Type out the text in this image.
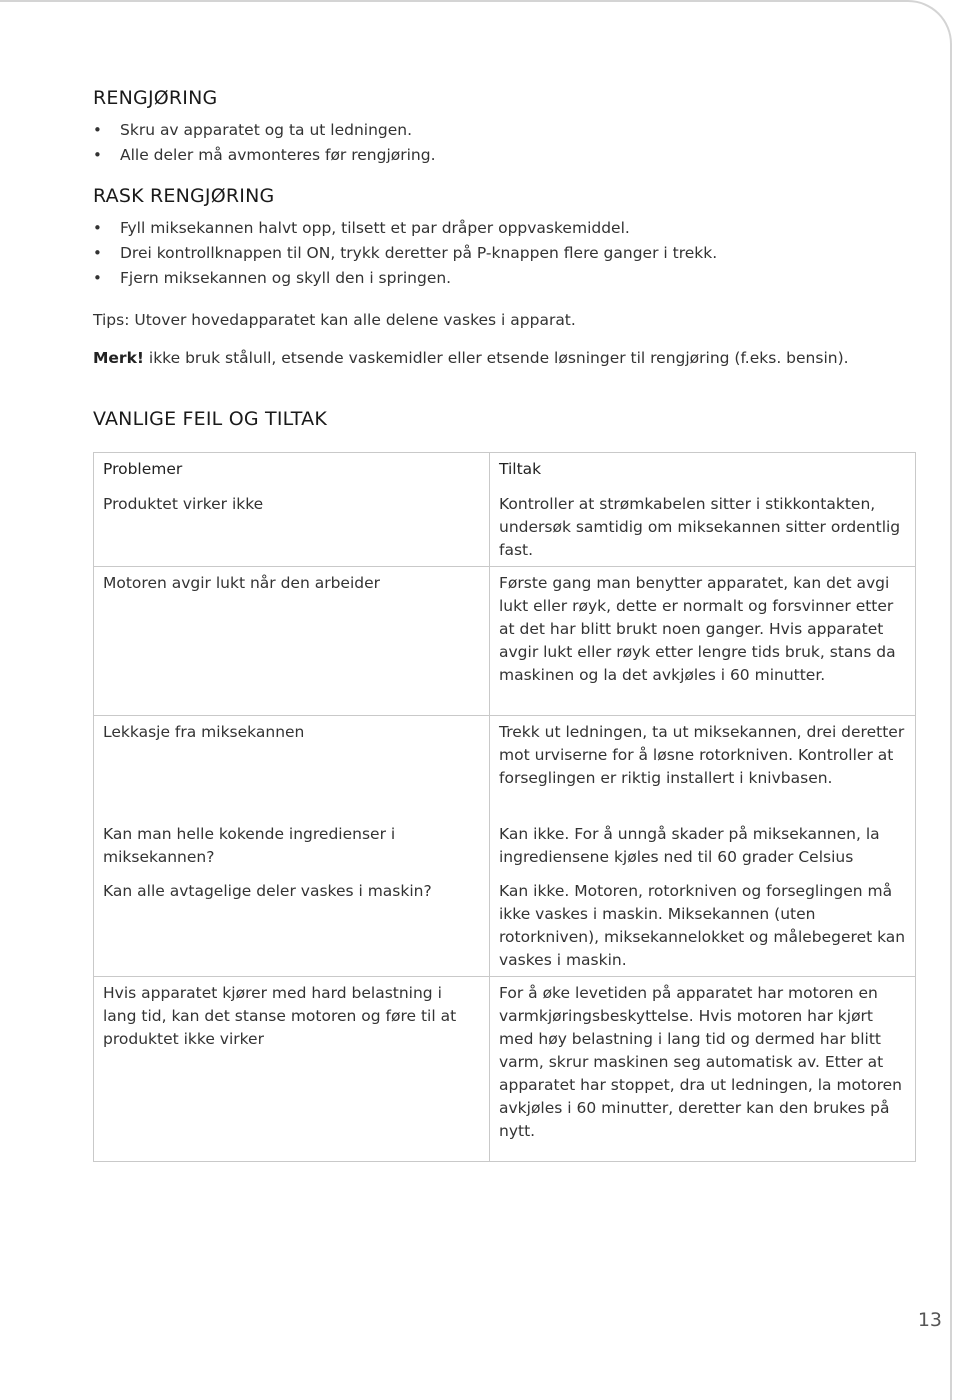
RENGJØRING
• Skru av apparatet og ta ut ledningen.
• Alle deler må avmonteres før rengjøring.
RASK RENGJØRING
• Fyll miksekannen halvt opp, tilsett et par dråper oppvaskemiddel.
• Drei kontrollknappen til ON, trykk deretter på P-knappen flere ganger i trekk.
• Fjern miksekannen og skyll den i springen.
Tips: Utover hovedapparatet kan alle delene vaskes i apparat.
Merk! ikke bruk stålull, etsende vaskemidler eller etsende løsninger til rengjøring (f.eks. bensin).
VANLIGE FEIL OG TILTAK
Problemer	Tiltak
Produktet virker ikke	Kontroller at strømkabelen sitter i stikkontakten, undersøk samtidig om miksekannen sitter ordentlig fast.
Motoren avgir lukt når den arbeider	Første gang man benytter apparatet, kan det avgi lukt eller røyk, dette er normalt og forsvinner etter at det har blitt brukt noen ganger. Hvis apparatet avgir lukt eller røyk etter lengre tids bruk, stans da maskinen og la det avkjøles i 60 minutter.
Lekkasje fra miksekannen	Trekk ut ledningen, ta ut miksekannen, drei deretter mot urviserne for å løsne rotorkniven. Kontroller at forseglingen er riktig installert i knivbasen.
Kan man helle kokende ingredienser i miksekannen?	Kan ikke. For å unngå skader på miksekannen, la ingrediensene kjøles ned til 60 grader Celsius
Kan alle avtagelige deler vaskes i maskin?	Kan ikke. Motoren, rotorkniven og forseglingen må ikke vaskes i maskin. Miksekannen (uten rotorkniven), miksekannelokket og målebegeret kan vaskes i maskin.
Hvis apparatet kjører med hard belastning i lang tid, kan det stanse motoren og føre til at produktet ikke virker	For å øke levetiden på apparatet har motoren en varmkjøringsbeskyttelse. Hvis motoren har kjørt med høy belastning i lang tid og dermed har blitt varm, skrur maskinen seg automatisk av. Etter at apparatet har stoppet, dra ut ledningen, la motoren avkjøles i 60 minutter, deretter kan den brukes på nytt.
13
